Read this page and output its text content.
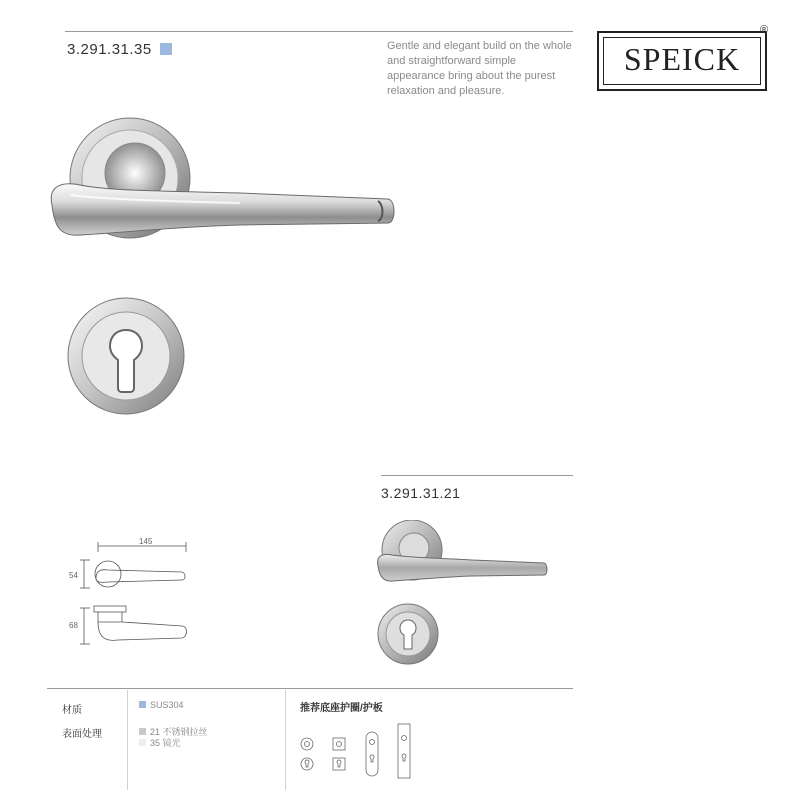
3.291.31.35	Gentle and elegant build on the whole and straightforward simple appearance bring about the purest relaxation and pleasure.
SPEICK
®
3.291.31.21
145
54
68
材质
表面处理
SUS304
21 不锈钢拉丝
35 镜光
推荐底座护圈/护板
